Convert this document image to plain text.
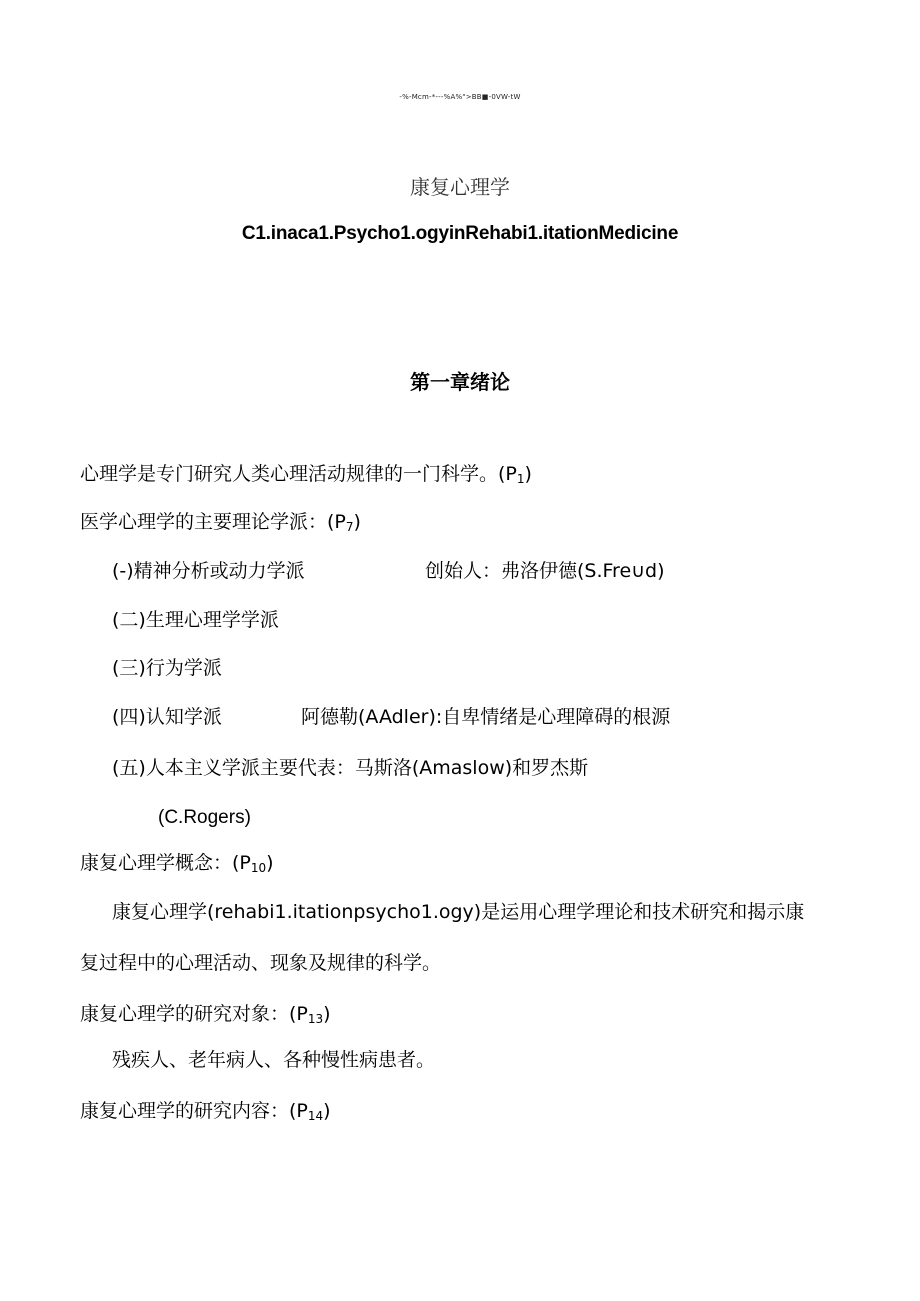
-%-Mcm-*---%A%">BB■-0VW-tW
康复心理学
C1.inaca1.Psycho1.ogyinRehabi1.itationMedicine
第一章绪论
心理学是专门研究人类心理活动规律的一门科学。$(P_1)$
医学心理学的主要理论学派：$(P_7)$
(-)精神分析或动力学派	创始人：弗洛伊德(S.Fre∪d)
(二)生理心理学学派
(三)行为学派
(四)认知学派	阿德勒(AAdler):自卑情绪是心理障碍的根源
(五)人本主义学派主要代表：马斯洛(Amaslow)和罗杰斯
(C.Rogers)
康复心理学概念：$(P_{10})$
康复心理学(rehabi1.itationpsycho1.ogy)是运用心理学理论和技术研究和揭示康
复过程中的心理活动、现象及规律的科学。
康复心理学的研究对象：$(P_{13})$
残疾人、老年病人、各种慢性病患者。
康复心理学的研究内容：$(P_{14})$
